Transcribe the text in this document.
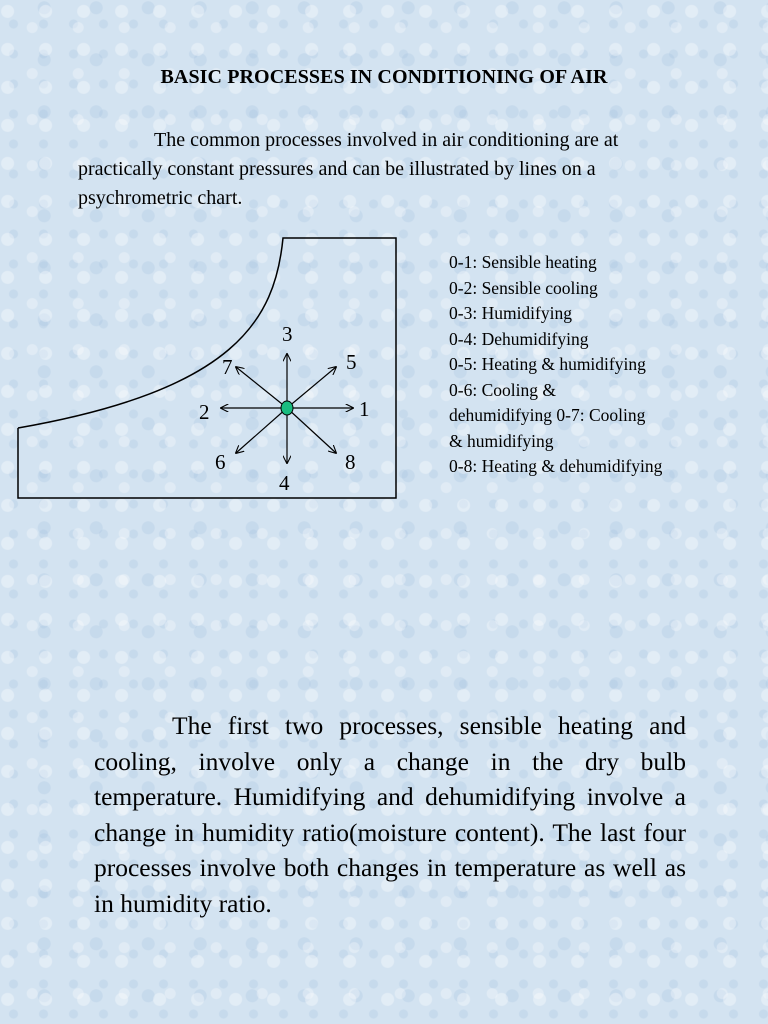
BASIC PROCESSES IN CONDITIONING OF AIR

The common processes involved in air conditioning are at practically constant pressures and can be illustrated by lines on a psychrometric chart.

1
2
3
4
5
6
7
8

0-1: Sensible heating
0-2: Sensible cooling
0-3: Humidifying
0-4: Dehumidifying
0-5: Heating & humidifying
0-6: Cooling &
dehumidifying 0-7: Cooling
& humidifying
0-8: Heating & dehumidifying

The first two processes, sensible heating and cooling, involve only a change in the dry bulb temperature. Humidifying and dehumidifying involve a change in humidity ratio(moisture content). The last four processes involve both changes in temperature as well as in humidity ratio.
